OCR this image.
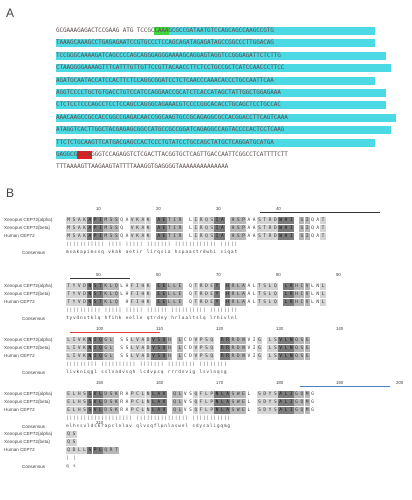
A
B
GCGAAAGAGACTCCGAAG ATG TCCGCCAAAGCGCCGATAATGTCCAGCAGCCAAGCCGTG
TAAAGCAAAGCCTGAGAGAATCCGTGCCCTCCAGCAGATAGAGATAGCCGGCCCTTGGACAG
TCCGGGCAAAAGATCAGCCCCAGCAGGGAGGGAAAAGCAGGAGTAGGTCCGGGAGATTCTCTTG
CTAAGGGGAAAAGTTTCATTTGTTGTTCCGTTACAACCTTCTCCTGCCGCTCATCCAACCCTTCC
AGATGCAATACCATCCACTTCTCCAGGCGGATCCTCTCAACCCAAACACCCTGCCAATTCAA
AGGTCCCCTGCTGTGACCTGTCCATCCAGGAACCGCATCTCACCATAGCTATTGGCTGGAGAAA
CTCTCCTCCCAGCCTCCTCCAGCCAGGGCAGAAACGTCCCCGGCACACCTGCAGCTCCTGCCAC
AAACAAGCCGCCACCGGCCGAGACAACCGGCAAGTGCCGCAGAGGCGCCACGGACCTTCAGTCAAA
ATAGGTCACTTGGCTACGAGAGCGGCCATGCCGCCGGATCAGAGGCCAGTACCCCACTCCTCAAG
TTCTCTGCAAGTTCATGACGAGCCACTCCCTGTATCCTGCCAGCTATGCTCAGGATGCATGA
GAGGCGCGTAGGGTCCAGAGGTCTCGACTTACGGTGCTCAGTTGACCAATTCGGCCTCATTTTCTT
TTTAAAAGTTAAGAAGTATTTTAAAGGTGAGGGGTAAAAAAAAAAAAAA
10	20	30	40
Xenopus CEP72(alpha)	M S A K A P I M S S Q A V K A K A E T I R L I R Q S I A H S P A A S T R D W H I S I Q A T
Xenopus CEP72(beta)	M S A K A P I M S S Q V K A K A E T I R L I R Q S I A H S P A A S T R D W H I S I Q A T
Human CEP72	M S A K A P I M S S Q A V K A K A E T I R L I R Q S I A H S P A A S T R D W H I S I Q A T
||||||||||| |||| ||||| ||||||| |||||||||||| |||||
Consensus	msakapimssq vkak aetir lirqsia hspaastrdwhi siqat
50	60	70	80	90
Xenopus CEP72(alpha)	T Y V D N S T K L Q L H F I H K E E L L E Q T R D E Y H R L A A L T S L Q L R H I V L N L
Xenopus CEP72(beta)	T Y V D N S T K L Q L H F I H K E E L L E Q T R D E Y H R L A A L T S L Q L R H I V L N L
Human CEP72	T Y V D N S T K L Q H F I H K E E L L E Q T R D E Y H R L A A L T S L Q L R H I V L N L
|||||||||| ||||| ||||| |||||| |||||||||| ||||||||
Consensus	tyvdnstklq hfihk eelle qtrdey hrlaaltslq lrhivlnl
100	110	120	130	140
Xenopus CEP72(alpha)	L I V K N I Q G L S S L V A D V S Q H L C D V P S Q R R R D N V I G L S V L N Q S G
Xenopus CEP72(beta)	L I V K N I Q G L S S L V A D V S Q H L C D V P S Q R R R D N V I G L S V L N Q S G
Human CEP72	L I V K N I Q G L S S L V A D V S Q H L C D V P S Q R R R D N V I G L S V L N Q S G
||||||||| |||||||||| ||||||| |||||||| ||||||||
Consensus	livkniqgl sslvadvsqh lcdvpsq rrrdnvig lsvlnqsg
150	160	170	180	190	200
Xenopus CEP72(alpha)	E L H S S V L D S K R A P C L N L A V Q L V S Q F L P N L A S W E L S D Y S A L I G Q M G
Xenopus CEP72(beta)	E L H S S V L D S K R A P C L N L A V Q L V S Q F L P N L A S W E L S D Y S A L I G Q M G
Human CEP72	E L H S S V L D S K R A P C L N L A V Q L V S Q F L P N L A S W E L S D Y S A L I G Q M G
||||||||||||||||||| ||||||||||||||| |||||||||||
Consensus	elhssvldskrapclnlav qlvsqflpnlaswel sdysaligqmg
210
Xenopus CEP72(alpha)	Q S
Xenopus CEP72(beta)	Q S
Human CEP72	Q D L L S P L Q R T
| |
Consensus	q s
